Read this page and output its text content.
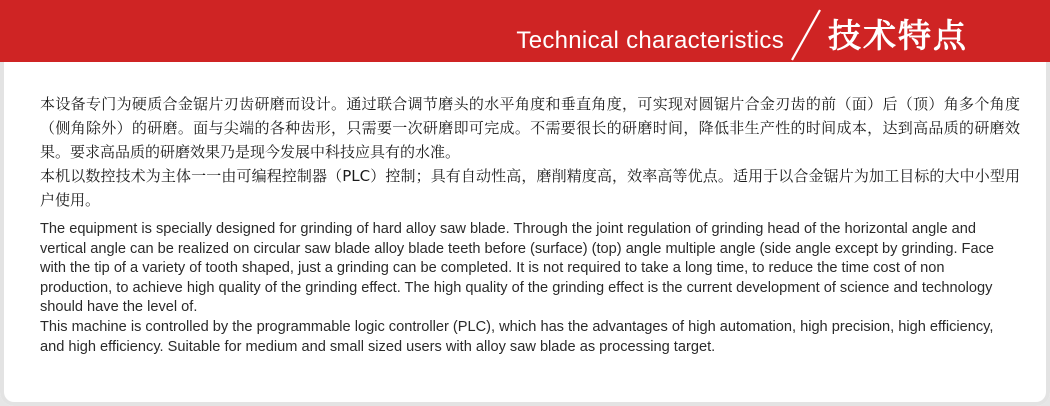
Technical characteristics 技术特点

本设备专门为硬质合金锯片刃齿研磨而设计。通过联合调节磨头的水平角度和垂直角度，可实现对圆锯片合金刃齿的前（面）后（顶）角多个角度（侧角除外）的研磨。面与尖端的各种齿形，只需要一次研磨即可完成。不需要很长的研磨时间，降低非生产性的时间成本，达到高品质的研磨效果。要求高品质的研磨效果乃是现今发展中科技应具有的水准。

本机以数控技术为主体一一由可编程控制器（PLC）控制；具有自动性高，磨削精度高，效率高等优点。适用于以合金锯片为加工目标的大中小型用户使用。

The equipment is specially designed for grinding of hard alloy saw blade. Through the joint regulation of grinding head of the horizontal angle and vertical angle can be realized on circular saw blade alloy blade teeth before (surface) (top) angle multiple angle (side angle except by grinding. Face with the tip of a variety of tooth shaped, just a grinding can be completed. It is not required to take a long time, to reduce the time cost of non production, to achieve high quality of the grinding effect. The high quality of the grinding effect is the current development of science and technology should have the level of.

This machine is controlled by the programmable logic controller (PLC), which has the advantages of high automation, high precision, high efficiency, and high efficiency. Suitable for medium and small sized users with alloy saw blade as processing target.
